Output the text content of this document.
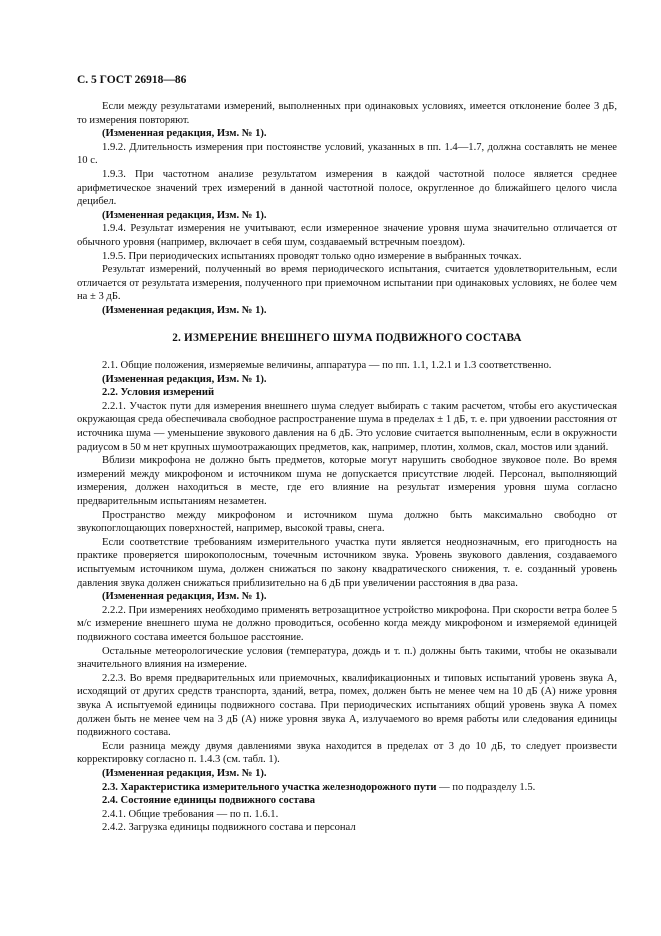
С. 5 ГОСТ 26918—86

Если между результатами измерений, выполненных при одинаковых условиях, имеется отклонение более 3 дБ, то измерения повторяют.

(Измененная редакция, Изм. № 1).

1.9.2. Длительность измерения при постоянстве условий, указанных в пп. 1.4—1.7, должна составлять не менее 10 с.

1.9.3. При частотном анализе результатом измерения в каждой частотной полосе является среднее арифметическое значений трех измерений в данной частотной полосе, округленное до ближайшего целого числа децибел.

(Измененная редакция, Изм. № 1).

1.9.4. Результат измерения не учитывают, если измеренное значение уровня шума значительно отличается от обычного уровня (например, включает в себя шум, создаваемый встречным поездом).

1.9.5. При периодических испытаниях проводят только одно измерение в выбранных точках.

Результат измерений, полученный во время периодического испытания, считается удовлетворительным, если отличается от результата измерения, полученного при приемочном испытании при одинаковых условиях, не более чем на ± 3 дБ.

(Измененная редакция, Изм. № 1).

2. ИЗМЕРЕНИЕ ВНЕШНЕГО ШУМА ПОДВИЖНОГО СОСТАВА

2.1. Общие положения, измеряемые величины, аппаратура — по пп. 1.1, 1.2.1 и 1.3 соответственно.

(Измененная редакция, Изм. № 1).

2.2. Условия измерений

2.2.1. Участок пути для измерения внешнего шума следует выбирать с таким расчетом, чтобы его акустическая окружающая среда обеспечивала свободное распространение шума в пределах ± 1 дБ, т. е. при удвоении расстояния от источника шума — уменьшение звукового давления на 6 дБ. Это условие считается выполненным, если в окружности радиусом в 50 м нет крупных шумоотражающих предметов, как, например, плотин, холмов, скал, мостов или зданий.

Вблизи микрофона не должно быть предметов, которые могут нарушить свободное звуковое поле. Во время измерений между микрофоном и источником шума не допускается присутствие людей. Персонал, выполняющий измерения, должен находиться в месте, где его влияние на результат измерения уровня шума согласно предварительным испытаниям незаметен.

Пространство между микрофоном и источником шума должно быть максимально свободно от звукопоглощающих поверхностей, например, высокой травы, снега.

Если соответствие требованиям измерительного участка пути является неоднозначным, его пригодность на практике проверяется широкополосным, точечным источником звука. Уровень звукового давления, создаваемого испытуемым источником шума, должен снижаться по закону квадратического снижения, т. е. созданный уровень давления звука должен снижаться приблизительно на 6 дБ при увеличении расстояния в два раза.

(Измененная редакция, Изм. № 1).

2.2.2. При измерениях необходимо применять ветрозащитное устройство микрофона. При скорости ветра более 5 м/с измерение внешнего шума не должно проводиться, особенно когда между микрофоном и измеряемой единицей подвижного состава имеется большое расстояние.

Остальные метеорологические условия (температура, дождь и т. п.) должны быть такими, чтобы не оказывали значительного влияния на измерение.

2.2.3. Во время предварительных или приемочных, квалификационных и типовых испытаний уровень звука А, исходящий от других средств транспорта, зданий, ветра, помех, должен быть не менее чем на 10 дБ (А) ниже уровня звука А испытуемой единицы подвижного состава. При периодических испытаниях общий уровень звука А помех должен быть не менее чем на 3 дБ (А) ниже уровня звука А, излучаемого во время работы или следования единицы подвижного состава.

Если разница между двумя давлениями звука находится в пределах от 3 до 10 дБ, то следует произвести корректировку согласно п. 1.4.3 (см. табл. 1).

(Измененная редакция, Изм. № 1).

2.3. Характеристика измерительного участка железнодорожного пути — по подразделу 1.5.

2.4. Состояние единицы подвижного состава

2.4.1. Общие требования — по п. 1.6.1.

2.4.2. Загрузка единицы подвижного состава и персонал
